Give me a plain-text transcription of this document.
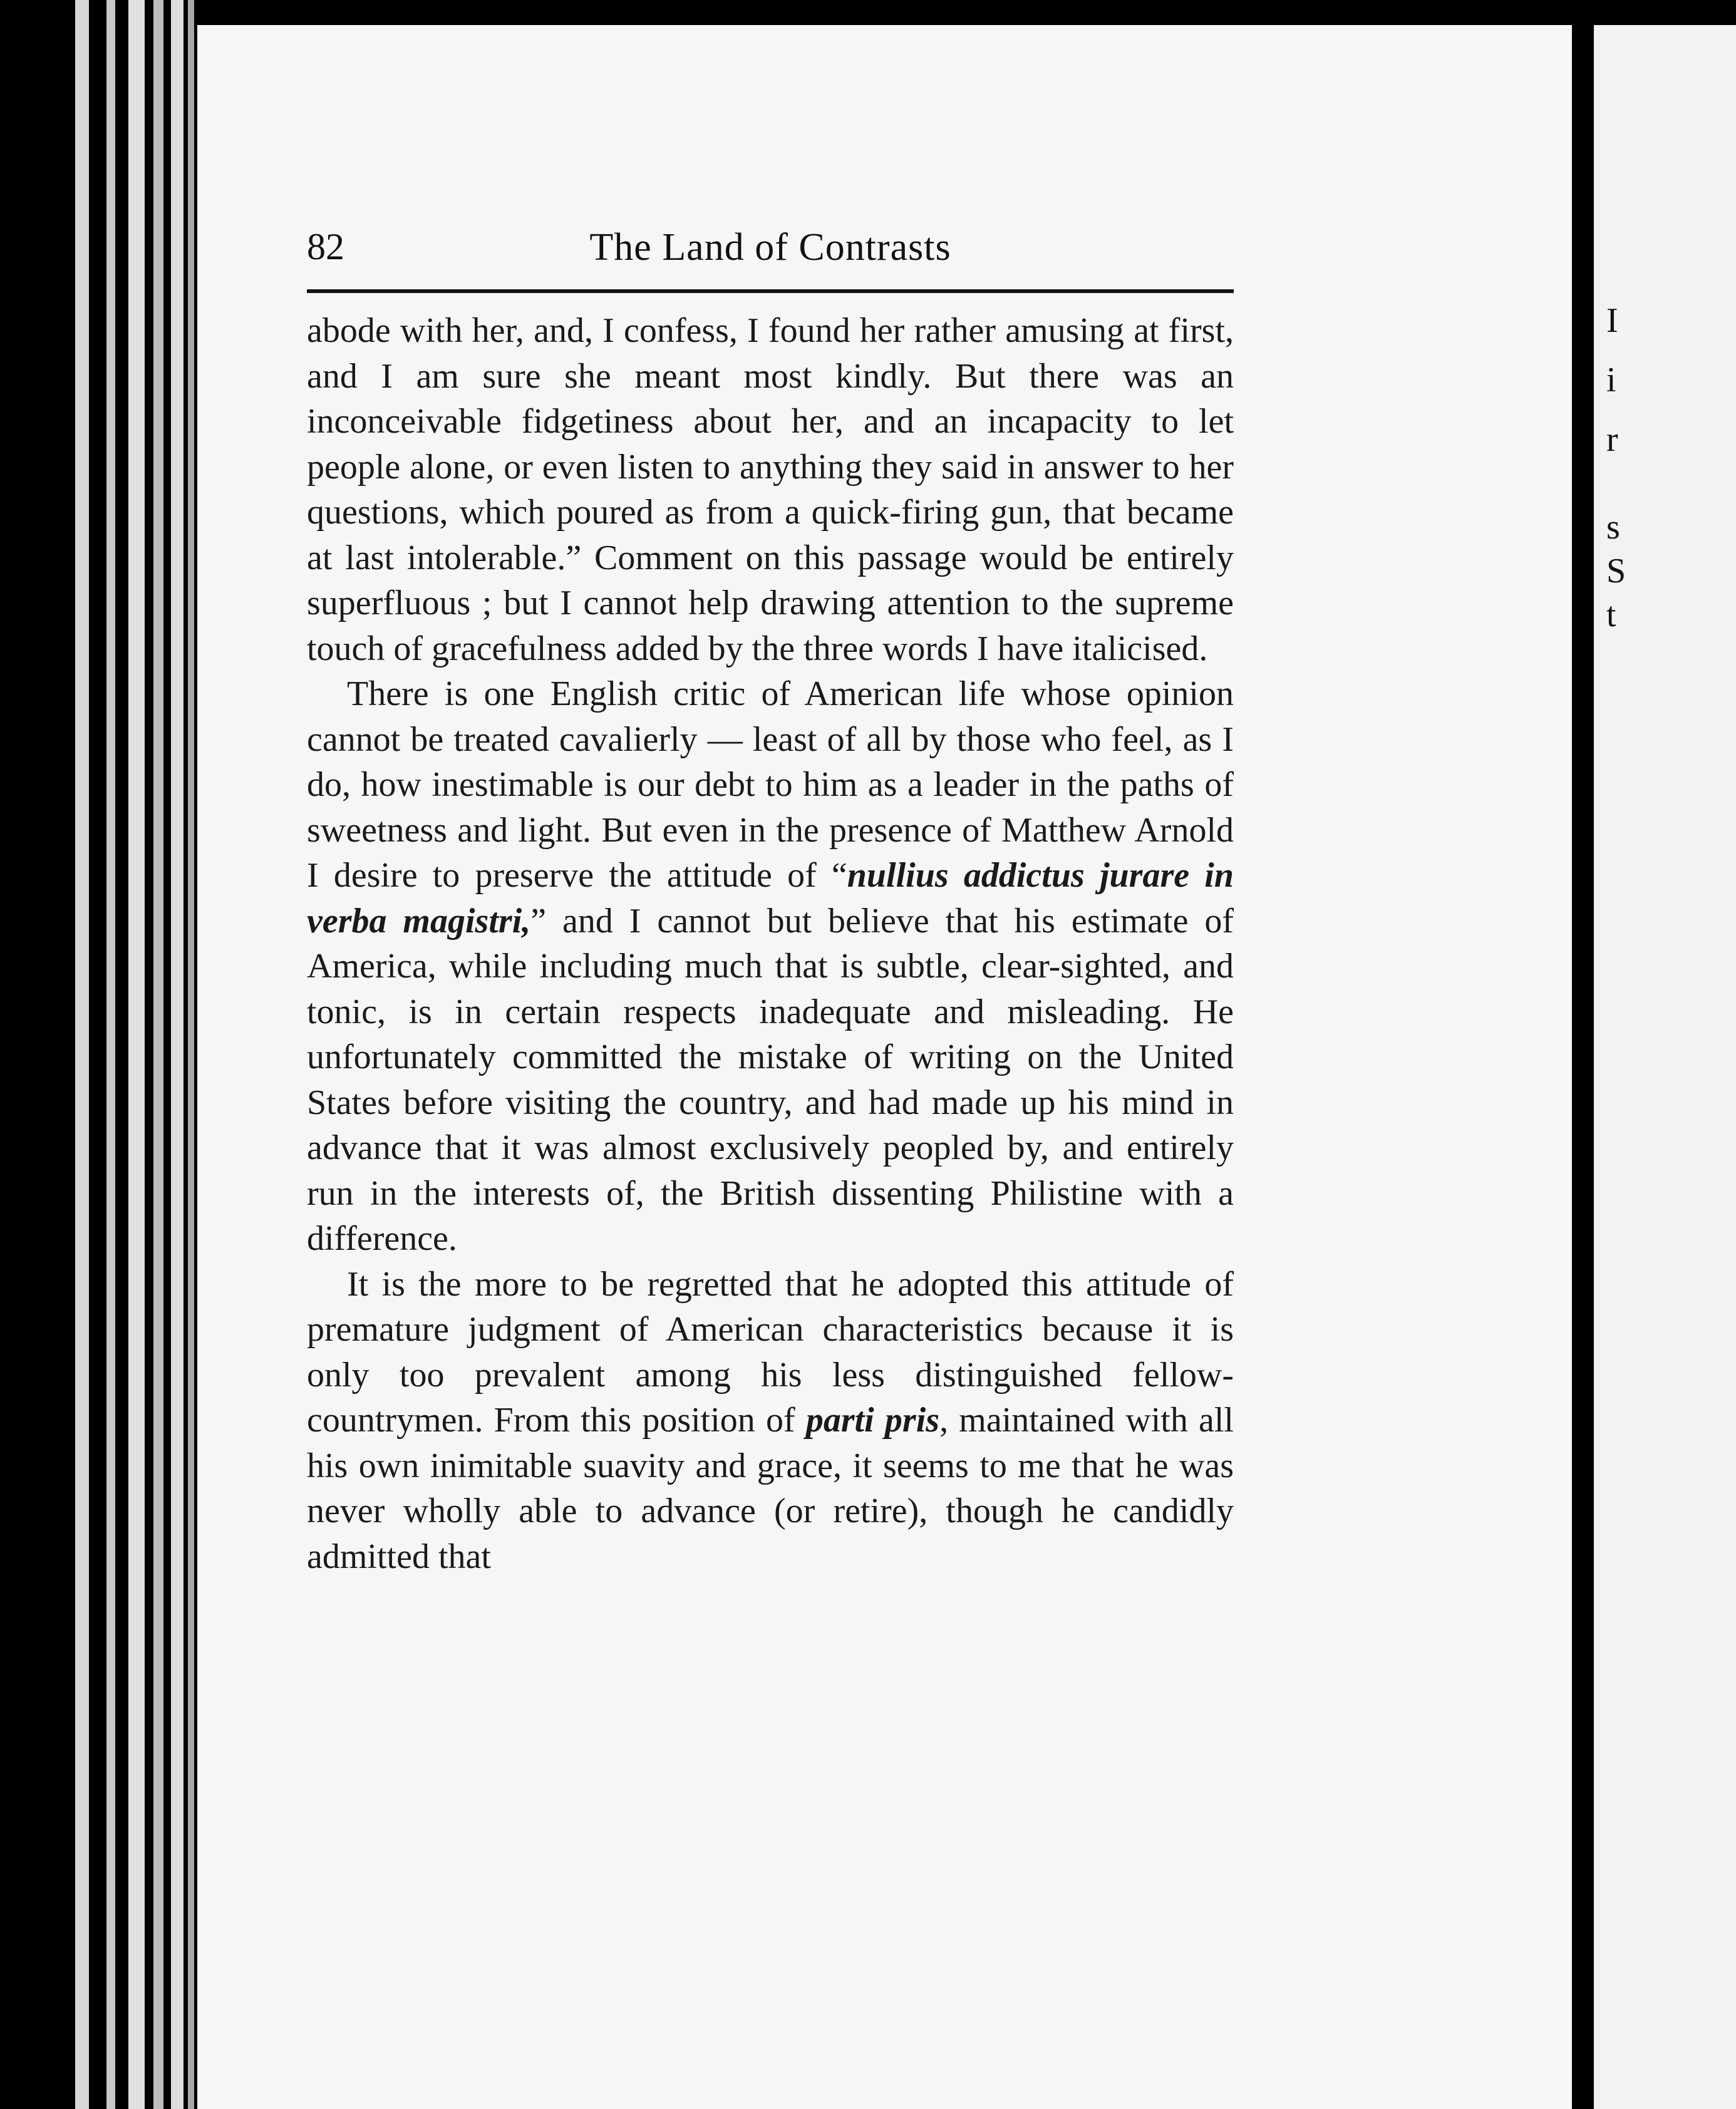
I
i
r
s
S
t
82	The Land of Contrasts

abode with her, and, I confess, I found her rather amusing at first, and I am sure she meant most kindly. But there was an inconceivable fidgetiness about her, and an incapacity to let people alone, or even listen to anything they said in answer to her questions, which poured as from a quick-firing gun, that became at last intolerable.” Comment on this passage would be entirely superfluous ; but I cannot help drawing attention to the supreme touch of gracefulness added by the three words I have italicised.

There is one English critic of American life whose opinion cannot be treated cavalierly — least of all by those who feel, as I do, how inestimable is our debt to him as a leader in the paths of sweetness and light. But even in the presence of Matthew Arnold I desire to preserve the attitude of “nullius addictus jurare in verba magistri,” and I cannot but believe that his estimate of America, while including much that is subtle, clear-sighted, and tonic, is in certain respects inadequate and misleading. He unfortunately committed the mistake of writing on the United States before visiting the country, and had made up his mind in advance that it was almost exclusively peopled by, and entirely run in the interests of, the British dissenting Philistine with a difference.

It is the more to be regretted that he adopted this attitude of premature judgment of American characteristics because it is only too prevalent among his less distinguished fellow-countrymen. From this position of parti pris, maintained with all his own inimitable suavity and grace, it seems to me that he was never wholly able to advance (or retire), though he candidly admitted that
